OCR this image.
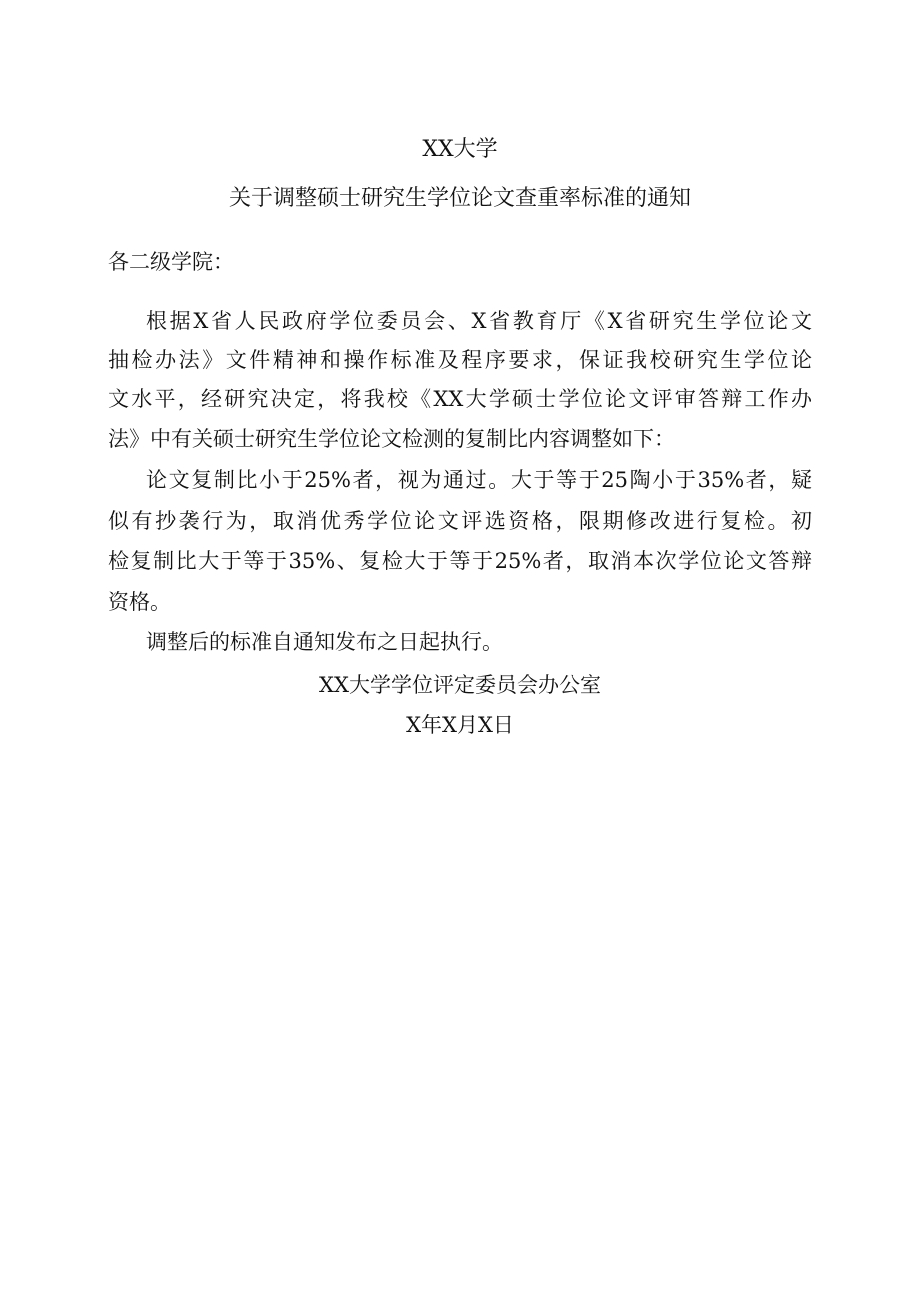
XX大学
关于调整硕士研究生学位论文查重率标准的通知
各二级学院：
根据X省人民政府学位委员会、X省教育厅《X省研究生学位论文
抽检办法》文件精神和操作标准及程序要求，保证我校研究生学位论
文水平，经研究决定，将我校《XX大学硕士学位论文评审答辩工作办
法》中有关硕士研究生学位论文检测的复制比内容调整如下：
论文复制比小于25%者，视为通过。大于等于25陶小于35%者，疑
似有抄袭行为，取消优秀学位论文评选资格，限期修改进行复检。初
检复制比大于等于35%、复检大于等于25%者，取消本次学位论文答辩
资格。
调整后的标准自通知发布之日起执行。
XX大学学位评定委员会办公室
X年X月X日
